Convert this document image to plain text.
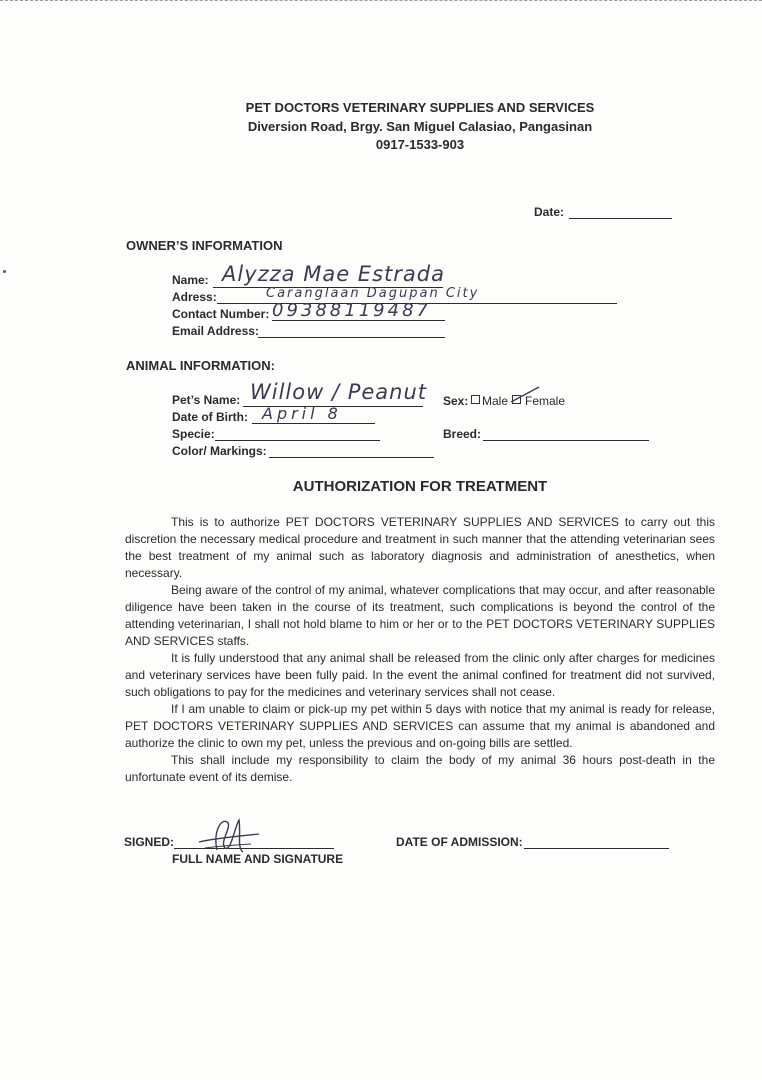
PET DOCTORS VETERINARY SUPPLIES AND SERVICES
Diversion Road, Brgy. San Miguel Calasiao, Pangasinan
0917-1533-903
Date:
OWNER’S INFORMATION
Name: Alyzza Mae Estrada
Adress:	Caranglaan Dagupan City
Contact Number: 09388119487
Email Address:
ANIMAL INFORMATION:
Pet’s Name: Willow / Peanut
Date of Birth: April 8
Specie:
Color/ Markings:
Sex: Male Female
Breed:
AUTHORIZATION FOR TREATMENT

This is to authorize PET DOCTORS VETERINARY SUPPLIES AND SERVICES to carry out this discretion the necessary medical procedure and treatment in such manner that the attending veterinarian sees the best treatment of my animal such as laboratory diagnosis and administration of anesthetics, when necessary.

Being aware of the control of my animal, whatever complications that may occur, and after reasonable diligence have been taken in the course of its treatment, such complications is beyond the control of the attending veterinarian, I shall not hold blame to him or her or to the PET DOCTORS VETERINARY SUPPLIES AND SERVICES staffs.

It is fully understood that any animal shall be released from the clinic only after charges for medicines and veterinary services have been fully paid. In the event the animal confined for treatment did not survived, such obligations to pay for the medicines and veterinary services shall not cease.

If I am unable to claim or pick-up my pet within 5 days with notice that my animal is ready for release, PET DOCTORS VETERINARY SUPPLIES AND SERVICES can assume that my animal is abandoned and authorize the clinic to own my pet, unless the previous and on-going bills are settled.

This shall include my responsibility to claim the body of my animal 36 hours post-death in the unfortunate event of its demise.

SIGNED:
FULL NAME AND SIGNATURE
DATE OF ADMISSION:
